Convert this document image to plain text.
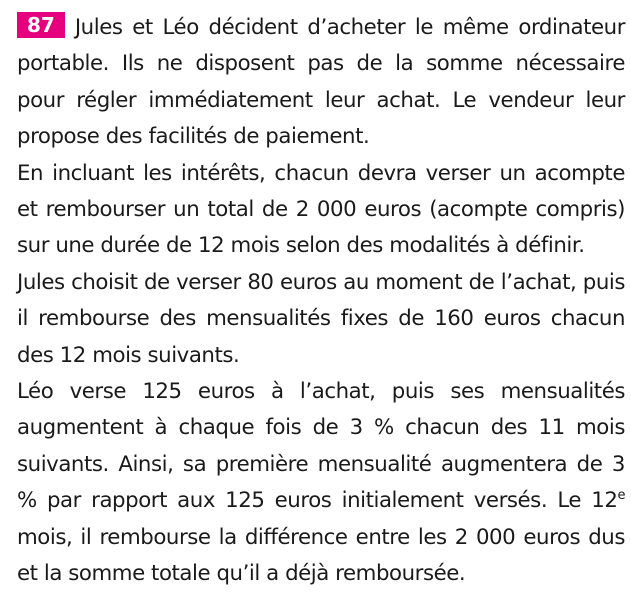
87 Jules et Léo décident d’acheter le même ordinateur portable. Ils ne disposent pas de la somme nécessaire pour régler immédiatement leur achat. Le vendeur leur propose des facilités de paiement.

En incluant les intérêts, chacun devra verser un acompte et rembourser un total de 2 000 euros (acompte compris) sur une durée de 12 mois selon des modalités à définir.

Jules choisit de verser 80 euros au moment de l’achat, puis il rembourse des mensualités fixes de 160 euros chacun des 12 mois suivants.

Léo verse 125 euros à l’achat, puis ses mensualités augmentent à chaque fois de 3 % chacun des 11 mois suivants. Ainsi, sa première mensualité augmentera de 3 % par rapport aux 125 euros initialement versés. Le 12e mois, il rembourse la différence entre les 2 000 euros dus et la somme totale qu’il a déjà remboursée.
